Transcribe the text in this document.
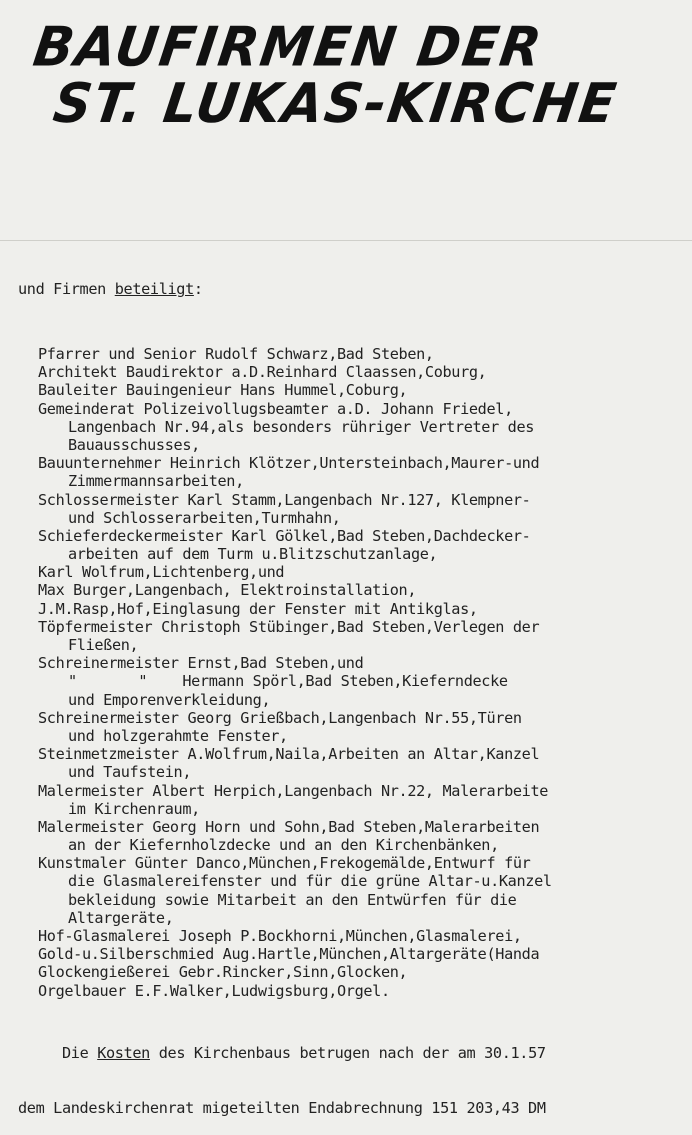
BAUFIRMEN DER
ST. LUKAS-KIRCHE

und Firmen beteiligt:

Pfarrer und Senior Rudolf Schwarz,Bad Steben,
Architekt Baudirektor a.D.Reinhard Claassen,Coburg,
Bauleiter Bauingenieur Hans Hummel,Coburg,
Gemeinderat Polizeivollugsbeamter a.D. Johann Friedel,
Langenbach Nr.94,als besonders rühriger Vertreter des
Bauausschusses,
Bauunternehmer Heinrich Klötzer,Untersteinbach,Maurer-und
Zimmermannsarbeiten,
Schlossermeister Karl Stamm,Langenbach Nr.127, Klempner-
und Schlosserarbeiten,Turmhahn,
Schieferdeckermeister Karl Gölkel,Bad Steben,Dachdecker-
arbeiten auf dem Turm u.Blitzschutzanlage,
Karl Wolfrum,Lichtenberg,und
Max Burger,Langenbach, Elektroinstallation,
J.M.Rasp,Hof,Einglasung der Fenster mit Antikglas,
Töpfermeister Christoph Stübinger,Bad Steben,Verlegen der
Fließen,
Schreinermeister Ernst,Bad Steben,und
"       "    Hermann Spörl,Bad Steben,Kieferndecke
und Emporenverkleidung,
Schreinermeister Georg Grießbach,Langenbach Nr.55,Türen
und holzgerahmte Fenster,
Steinmetzmeister A.Wolfrum,Naila,Arbeiten an Altar,Kanzel
und Taufstein,
Malermeister Albert Herpich,Langenbach Nr.22, Malerarbeite
im Kirchenraum,
Malermeister Georg Horn und Sohn,Bad Steben,Malerarbeiten
an der Kiefernholzdecke und an den Kirchenbänken,
Kunstmaler Günter Danco,München,Frekogemälde,Entwurf für
die Glasmalereifenster und für die grüne Altar-u.Kanzel
bekleidung sowie Mitarbeit an den Entwürfen für die
Altargeräte,
Hof-Glasmalerei Joseph P.Bockhorni,München,Glasmalerei,
Gold-u.Silberschmied Aug.Hartle,München,Altargeräte(Handa
Glockengießerei Gebr.Rincker,Sinn,Glocken,
Orgelbauer E.F.Walker,Ludwigsburg,Orgel.

Die Kosten des Kirchenbaus betrugen nach der am 30.1.57

dem Landeskirchenrat migeteilten Endabrechnung 151 203,43 DM
